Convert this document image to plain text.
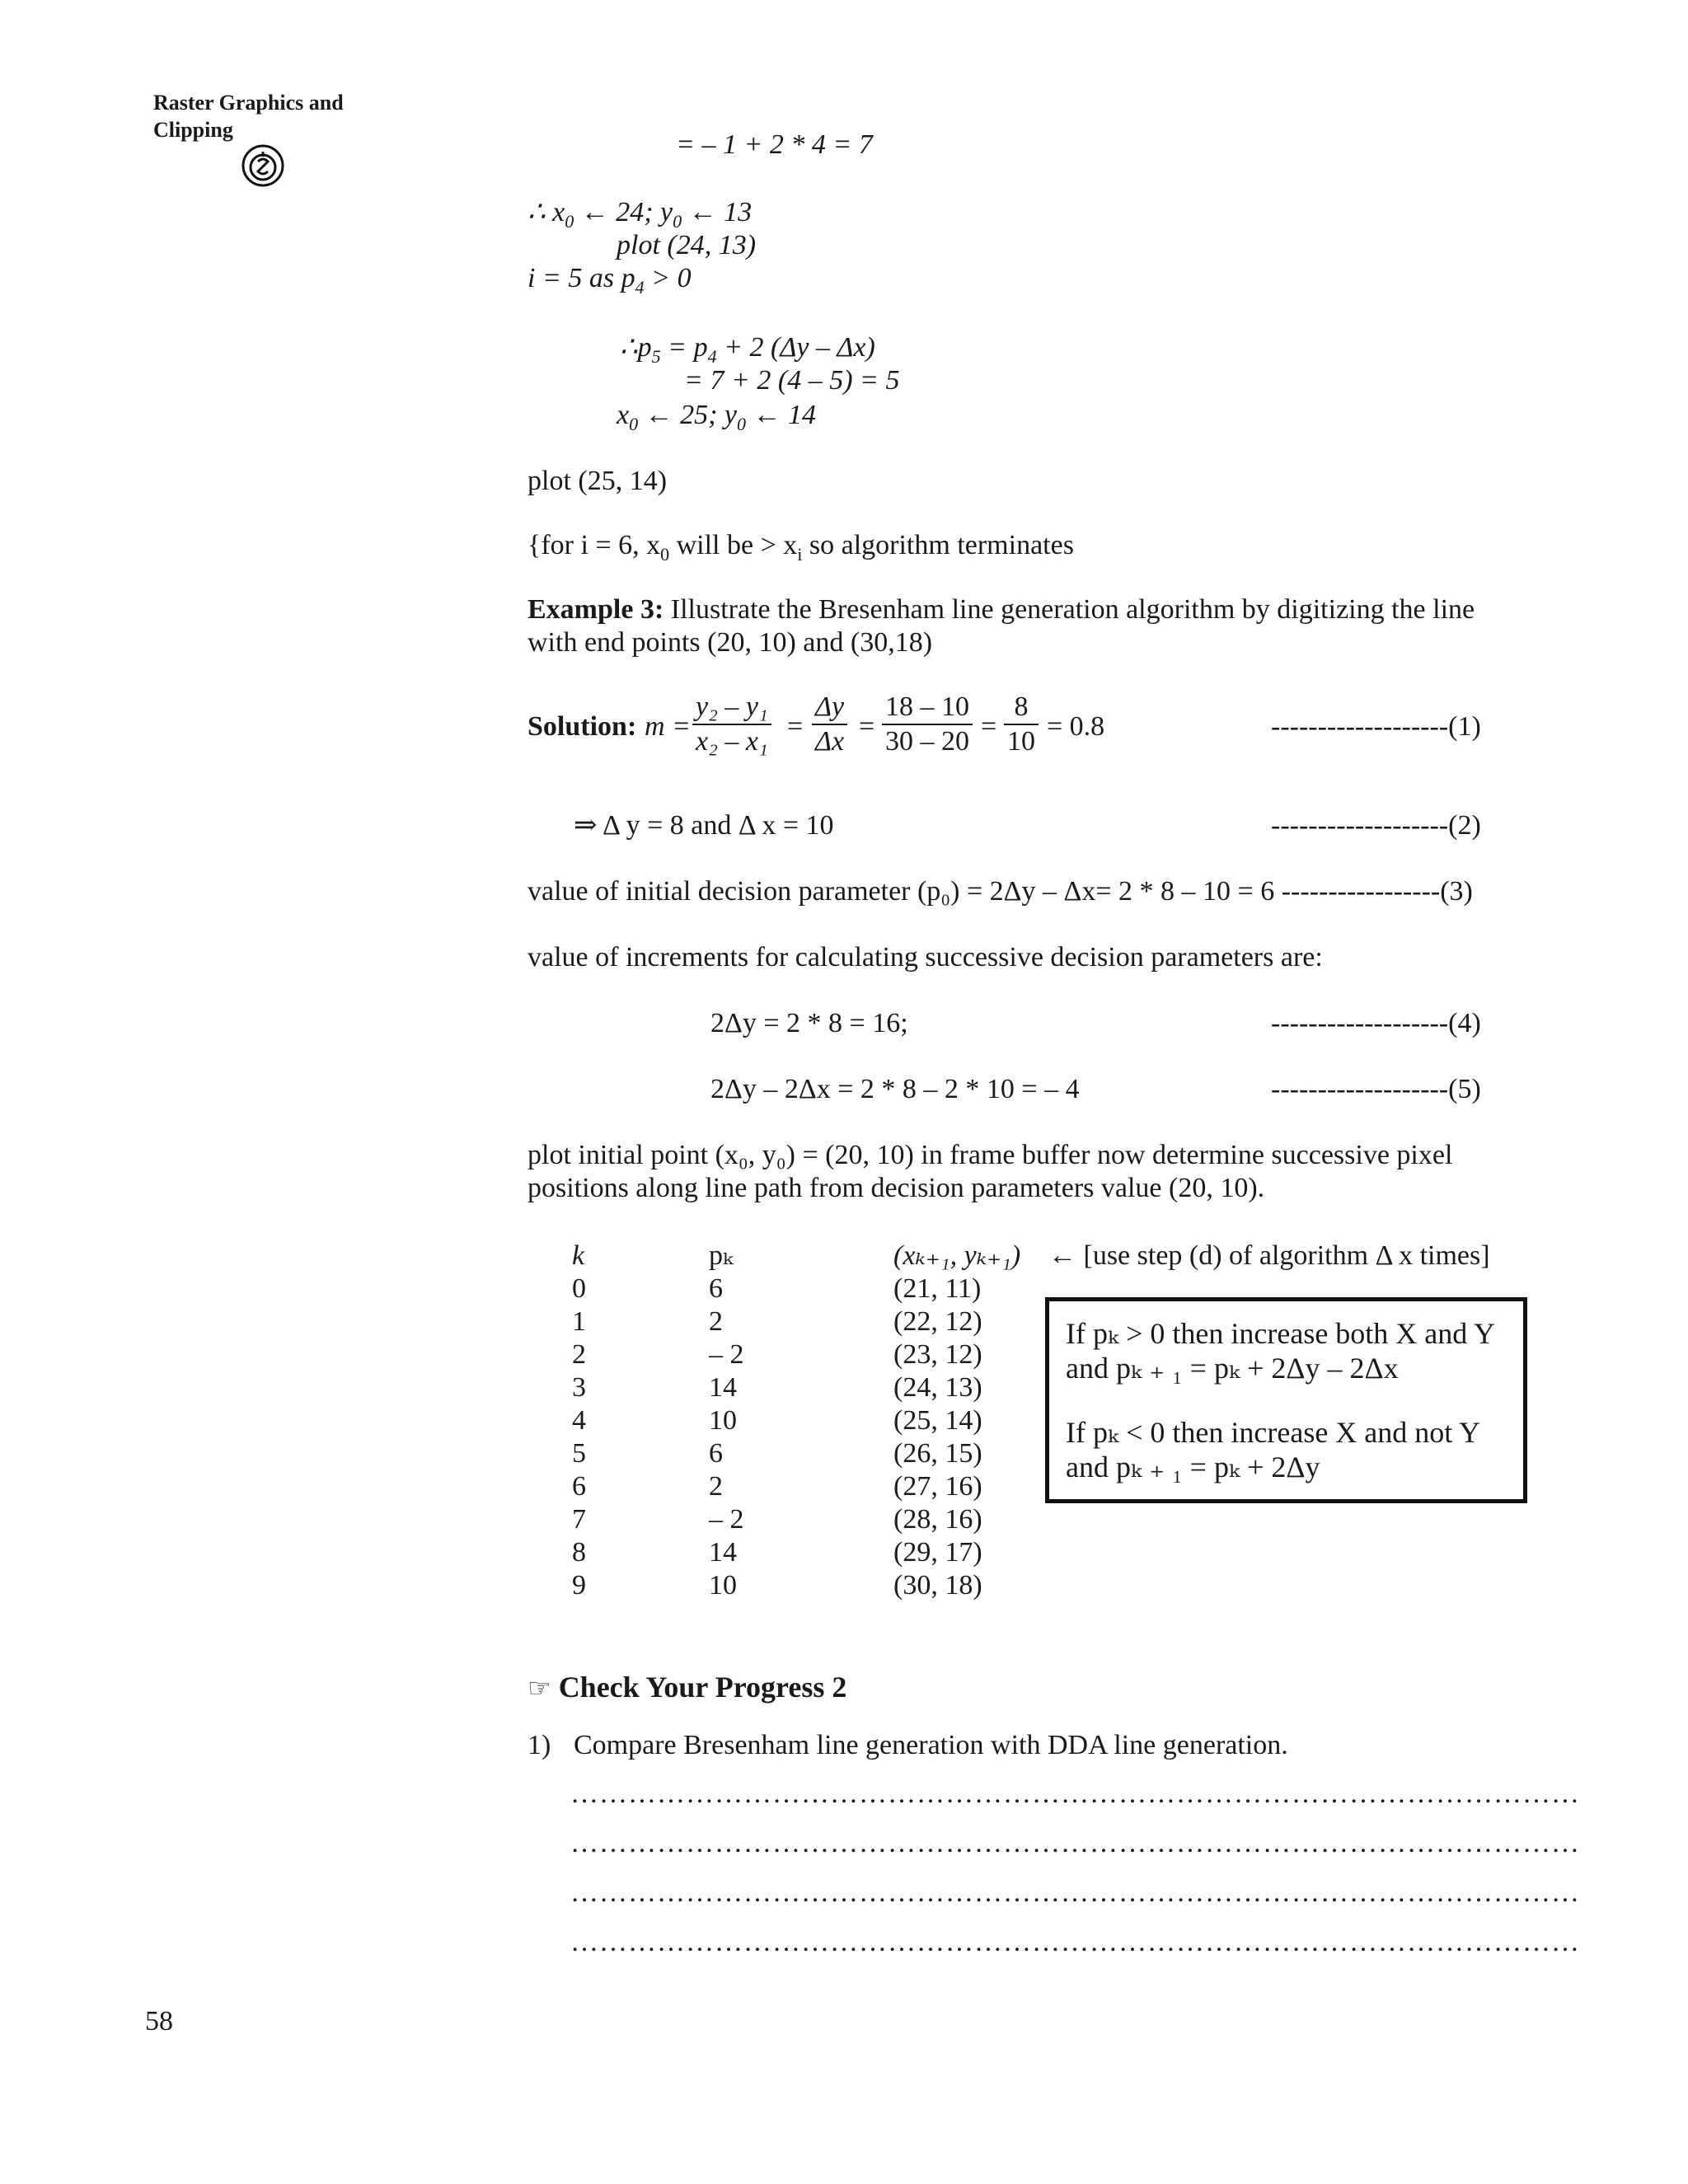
Raster Graphics and
Clipping	= – 1 + 2 * 4 = 7
∴ $x_0$ ← 24; $y_0$ ← 13
plot (24, 13)
i = 5 as $p_4 > 0$
$\therefore p_5 = p_4 + 2$ (Δy – Δx)
= 7 + 2 (4 – 5) = 5
$x_0$ ← 25; $y_0$ ← 14
plot (25, 14)
{for i = 6, $x_0$ will be > $x_i$ so algorithm terminates
Example 3: Illustrate the Bresenham line generation algorithm by digitizing the line
with end points (20, 10) and (30,18)
Solution: $m = \frac{\text{y₂ – y₁}}{\text{x₂ – x₁}} = \frac{\Delta y}{\Delta x} = \frac{18 - 10}{30 - 20} = \frac{8}{10} = 0.8$	-------------------(1)
⇒ Δ y = 8 and Δ x = 10	-------------------(2)
value of initial decision parameter (p₀) = 2Δy – Δx= 2 * 8 – 10 = 6 -----------------(3)
value of increments for calculating successive decision parameters are:
2Δy = 2 * 8 = 16;	-------------------(4)
2Δy – 2Δx = 2 * 8 – 2 * 10 = – 4	-------------------(5)
plot initial point (x₀, y₀) = (20, 10) in frame buffer now determine successive pixel
positions along line path from decision parameters value (20, 10).
k	pₖ	(xₖ₊₁, yₖ₊₁) ← [use step (d) of algorithm Δ x times]
0	6	(21, 11)
1	2	(22, 12)
2	– 2	(23, 12)
3	14	(24, 13)
4	10	(25, 14)
5	6	(26, 15)
6	2	(27, 16)
7	– 2	(28, 16)
8	14	(29, 17)
9	10	(30, 18)
If pₖ > 0 then increase both X and Y
and pₖ ₊ ₁ = pₖ + 2Δy – 2Δx
If pₖ < 0 then increase X and not Y
and pₖ ₊ ₁ = pₖ + 2Δy
☞ Check Your Progress 2
1) Compare Bresenham line generation with DDA line generation.
……………………………………………………………………………………………
……………………………………………………………………………………………
……………………………………………………………………………………………
……………………………………………………………………………………………
58
